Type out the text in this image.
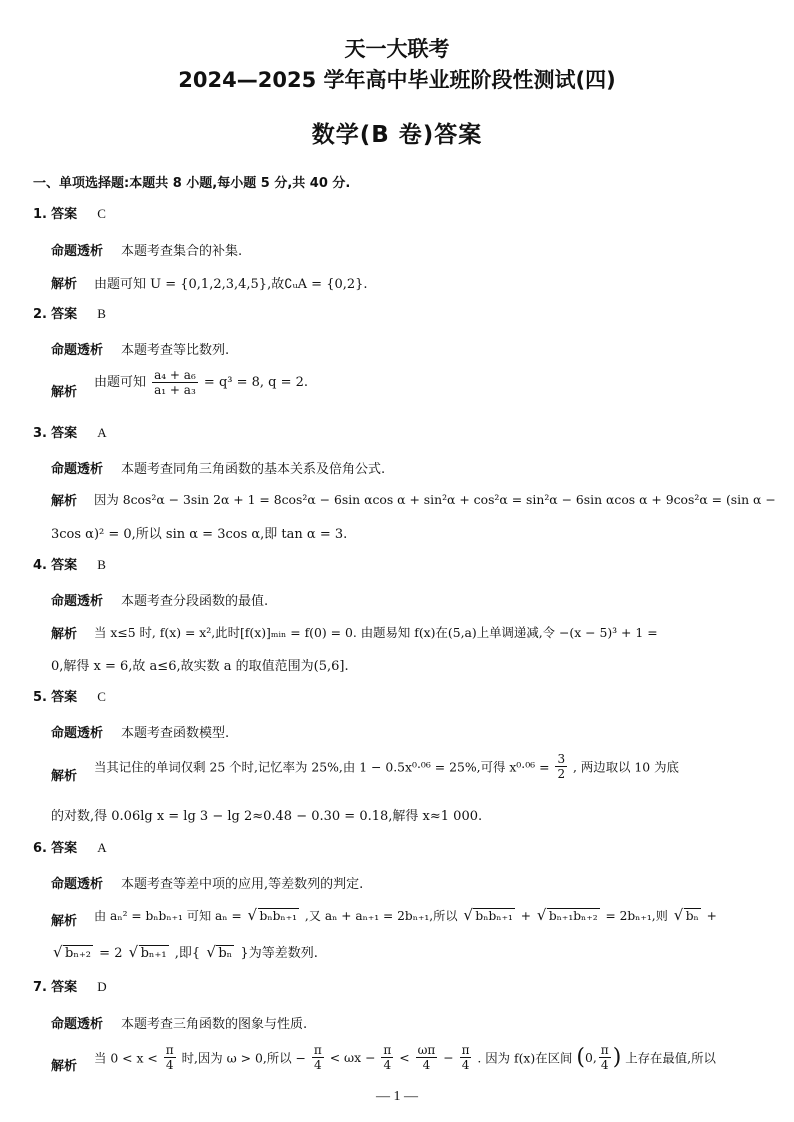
天一大联考
2024—2025 学年高中毕业班阶段性测试(四)
数学(B 卷)答案
一、单项选择题:本题共 8 小题,每小题 5 分,共 40 分.
1. 答案 C
命题透析 本题考查集合的补集.
解析 由题可知 U = {0,1,2,3,4,5},故∁ᵤA = {0,2}.
2. 答案 B
命题透析 本题考查等比数列.
解析
由题可知 $\frac{\text{a₄ + a₆}}{\text{a₁ + a₃}} = q^3 = 8$, q = 2.
3. 答案 A
命题透析 本题考查同角三角函数的基本关系及倍角公式.
解析 因为 8cos²α − 3sin 2α + 1 = 8cos²α − 6sin αcos α + sin²α + cos²α = sin²α − 6sin αcos α + 9cos²α = (sin α −
3cos α)² = 0,所以 sin α = 3cos α,即 tan α = 3.
4. 答案 B
命题透析 本题考查分段函数的最值.
解析 当 x≤5 时, f(x) = x²,此时[f(x)]ₘᵢₙ = f(0) = 0. 由题易知 f(x)在(5,a)上单调递减,令 −(x − 5)³ + 1 =
0,解得 x = 6,故 a≤6,故实数 a 的取值范围为(5,6].
5. 答案 C
命题透析 本题考查函数模型.
解析
当其记住的单词仅剩 25 个时,记忆率为 25%,由 1 − 0.5x⁰·⁰⁶ = 25%,可得 $x^0\cdot^{06} = \frac{3}{2}$ , 两边取以 10 为底
的对数,得 0.06lg x = lg 3 − lg 2≈0.48 − 0.30 = 0.18,解得 x≈1 000.
6. 答案 A
命题透析 本题考查等差中项的应用,等差数列的判定.
解析 由 aₙ² = bₙbₙ₊₁ 可知 aₙ = √ bₙbₙ₊₁ ,又 aₙ + aₙ₊₁ = 2bₙ₊₁,所以 √ bₙbₙ₊₁ + √ bₙ₊₁bₙ₊₂ = 2bₙ₊₁,则 √ bₙ +
√ bₙ₊₂ = 2 √ bₙ₊₁ ,即{ √ bₙ }为等差数列.
7. 答案 D
命题透析 本题考查三角函数的图象与性质.
解析
当 $0 < x < \frac{\pi}{4}$ 时,因为 ω > 0,所以 − $\frac{\pi}{4} < \omega x - \frac{\pi}{4} < \frac{\omega\pi}{4} - \frac{\pi}{4}$ . 因为 f(x)在区间 (0, $\frac{\pi}{4}$ ) 上存在最值,所以
— 1 —
